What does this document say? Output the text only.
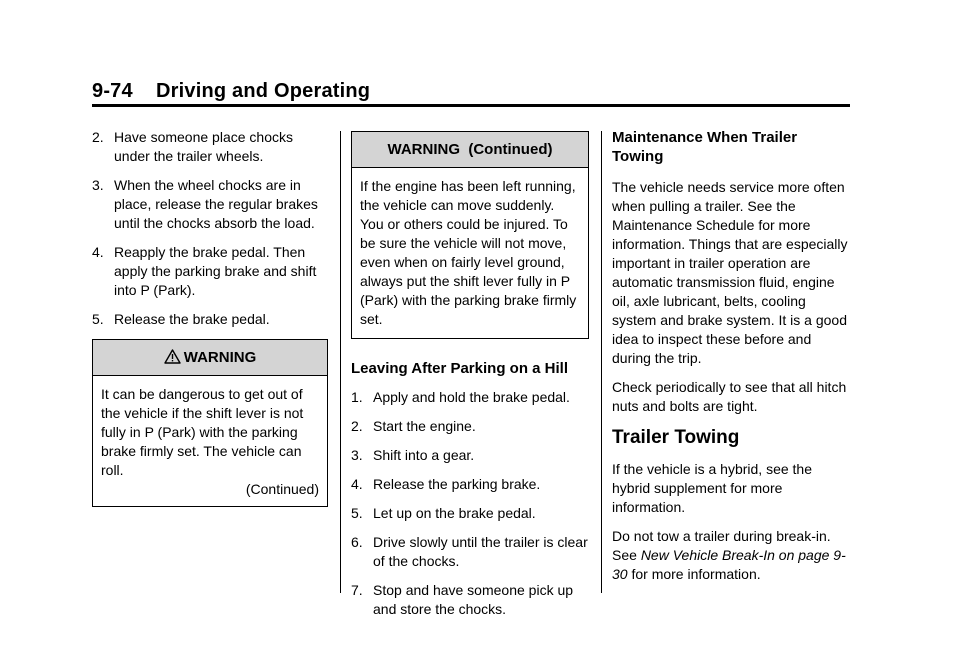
9-74 Driving and Operating
2. Have someone place chocks under the trailer wheels.
3. When the wheel chocks are in place, release the regular brakes until the chocks absorb the load.
4. Reapply the brake pedal. Then apply the parking brake and shift into P (Park).
5. Release the brake pedal.
WARNING
It can be dangerous to get out of the vehicle if the shift lever is not fully in P (Park) with the parking brake firmly set. The vehicle can roll.
(Continued)
WARNING  (Continued)
If the engine has been left running, the vehicle can move suddenly. You or others could be injured. To be sure the vehicle will not move, even when on fairly level ground, always put the shift lever fully in P (Park) with the parking brake firmly set.
Leaving After Parking on a Hill
1. Apply and hold the brake pedal.
2. Start the engine.
3. Shift into a gear.
4. Release the parking brake.
5. Let up on the brake pedal.
6. Drive slowly until the trailer is clear of the chocks.
7. Stop and have someone pick up and store the chocks.
Maintenance When Trailer Towing

The vehicle needs service more often when pulling a trailer. See the Maintenance Schedule for more information. Things that are especially important in trailer operation are automatic transmission fluid, engine oil, axle lubricant, belts, cooling system and brake system. It is a good idea to inspect these before and during the trip.

Check periodically to see that all hitch nuts and bolts are tight.

Trailer Towing

If the vehicle is a hybrid, see the hybrid supplement for more information.

Do not tow a trailer during break-in. See New Vehicle Break-In on page 9-30 for more information.
